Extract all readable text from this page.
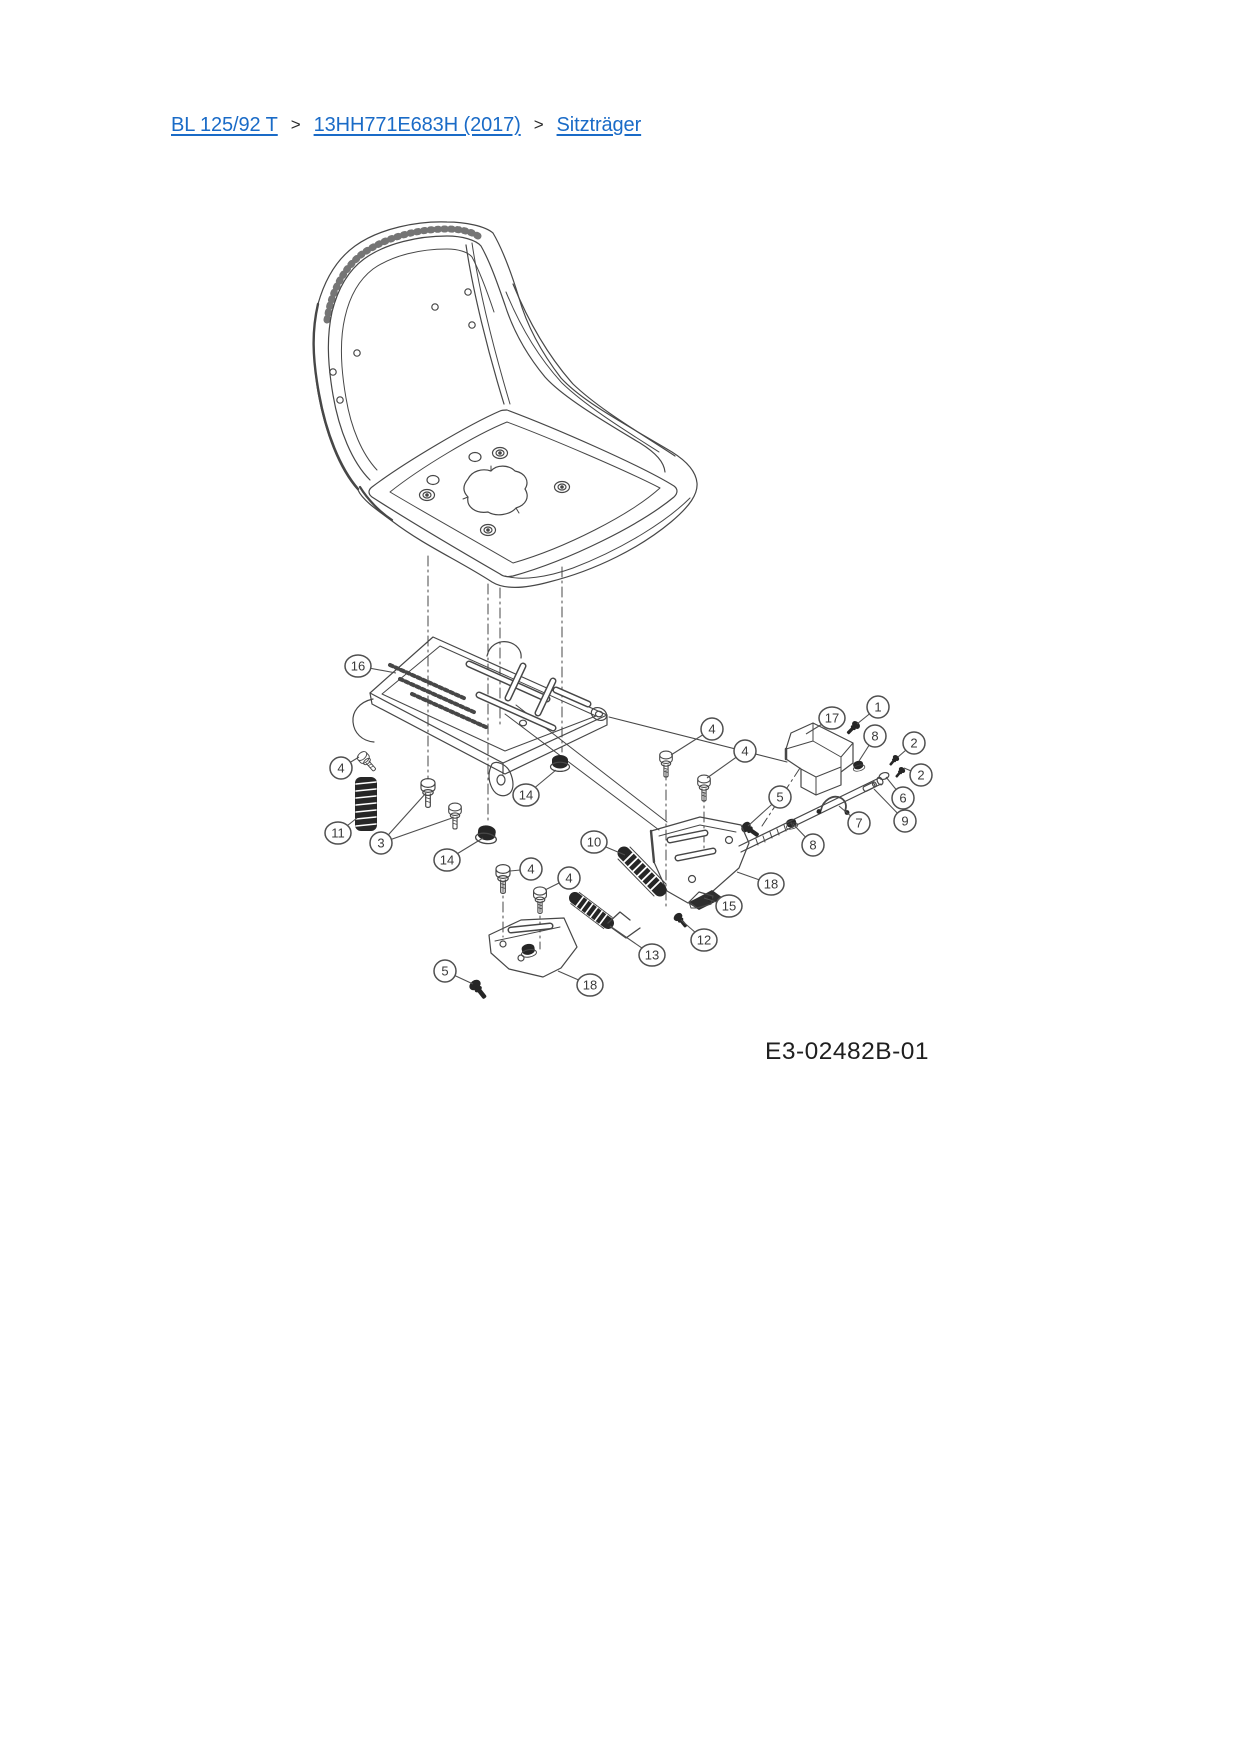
BL 125/92 T > 13HH771E683H (2017) > Sitzträger
16
4
11
3
14
14
4
4
10
4
4
5
17
1
8 2
2
6
9
7
8
18
15
12
13
18
5
E3-02482B-01
